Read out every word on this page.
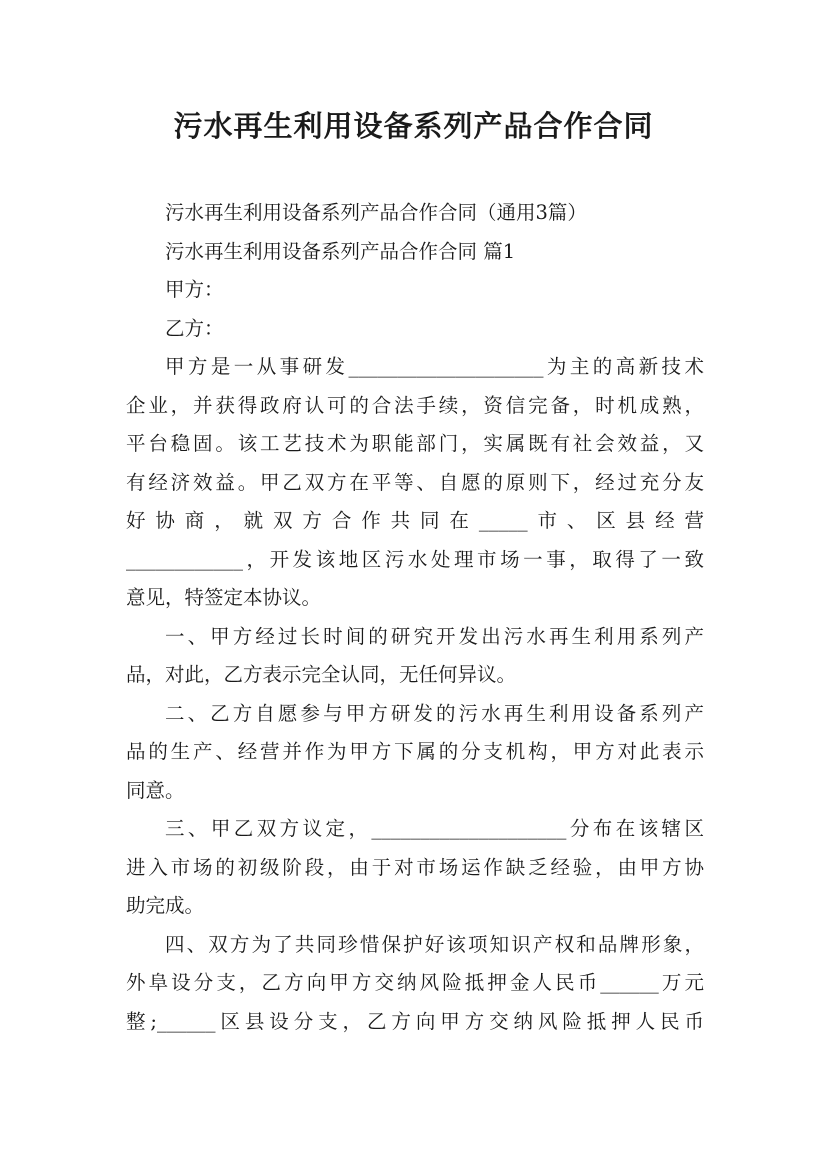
污水再生利用设备系列产品合作合同

污水再生利用设备系列产品合作合同（通用3篇）

污水再生利用设备系列产品合作合同 篇1

甲方：

乙方：

甲方是一从事研发____________________为主的高新技术
企业，并获得政府认可的合法手续，资信完备，时机成熟，
平台稳固。该工艺技术为职能部门，实属既有社会效益，又
有经济效益。甲乙双方在平等、自愿的原则下，经过充分友
好协商，就双方合作共同在_____市、区县经营
____________，开发该地区污水处理市场一事，取得了一致
意见，特签定本协议。

一、甲方经过长时间的研究开发出污水再生利用系列产
品，对此，乙方表示完全认同，无任何异议。

二、乙方自愿参与甲方研发的污水再生利用设备系列产
品的生产、经营并作为甲方下属的分支机构，甲方对此表示
同意。

三、甲乙双方议定，____________________分布在该辖区
进入市场的初级阶段，由于对市场运作缺乏经验，由甲方协
助完成。

四、双方为了共同珍惜保护好该项知识产权和品牌形象，
外阜设分支，乙方向甲方交纳风险抵押金人民币______万元
整;______区县设分支，乙方向甲方交纳风险抵押人民币
